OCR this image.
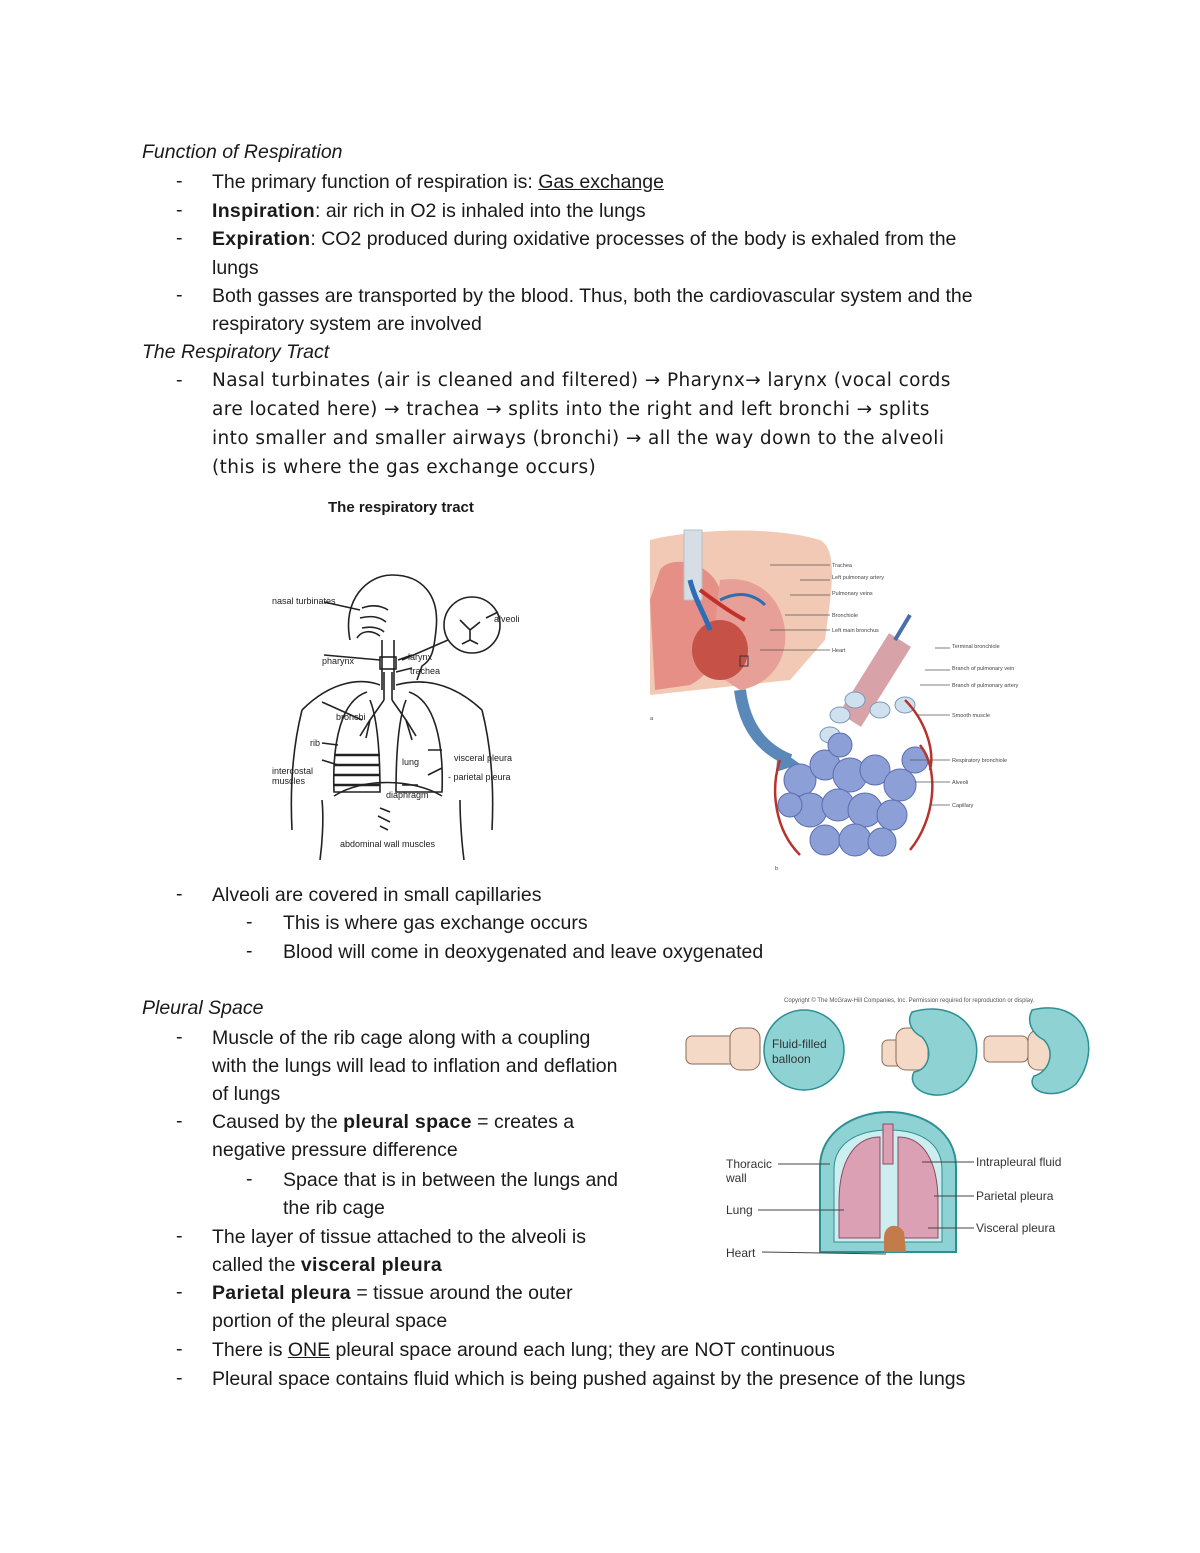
Function of Respiration
-	The primary function of respiration is: Gas exchange
-	Inspiration: air rich in O2 is inhaled into the lungs
-	Expiration: CO2 produced during oxidative processes of the body is exhaled from the
lungs
-	Both gasses are transported by the blood. Thus, both the cardiovascular system and the
respiratory system are involved
The Respiratory Tract
-	Nasal turbinates (air is cleaned and filtered) → Pharynx→ larynx (vocal cords
are located here) → trachea → splits into the right and left bronchi → splits
into smaller and smaller airways (bronchi) → all the way down to the alveoli
(this is where the gas exchange occurs)
The respiratory tract
nasal turbinates
pharynx	larynx
trachea
alveoli
bronchi
rib
intercostal
muscles
lung	visceral pleura
- parietal pleura
diaphragm
abdominal wall muscles
Trachea
Left pulmonary artery
Pulmonary veins
Bronchiole
Left main bronchus
Heart
Terminal bronchiole
Branch of pulmonary vein
Branch of pulmonary artery
Smooth muscle
Respiratory bronchiole
Alveoli
Capillary
a
b
-	Alveoli are covered in small capillaries
-	This is where gas exchange occurs
-	Blood will come in deoxygenated and leave oxygenated
Pleural Space
-	Muscle of the rib cage along with a coupling
with the lungs will lead to inflation and deflation
of lungs
-	Caused by the pleural space = creates a
negative pressure difference
-	Space that is in between the lungs and
the rib cage
-	The layer of tissue attached to the alveoli is
called the visceral pleura
-	Parietal pleura = tissue around the outer
portion of the pleural space
-	There is ONE pleural space around each lung; they are NOT continuous
-	Pleural space contains fluid which is being pushed against by the presence of the lungs
Copyright © The McGraw-Hill Companies, Inc. Permission required for reproduction or display.
Fluid-filled
balloon
Thoracic
wall
Lung
Heart
Intrapleural fluid
Parietal pleura
Visceral pleura
